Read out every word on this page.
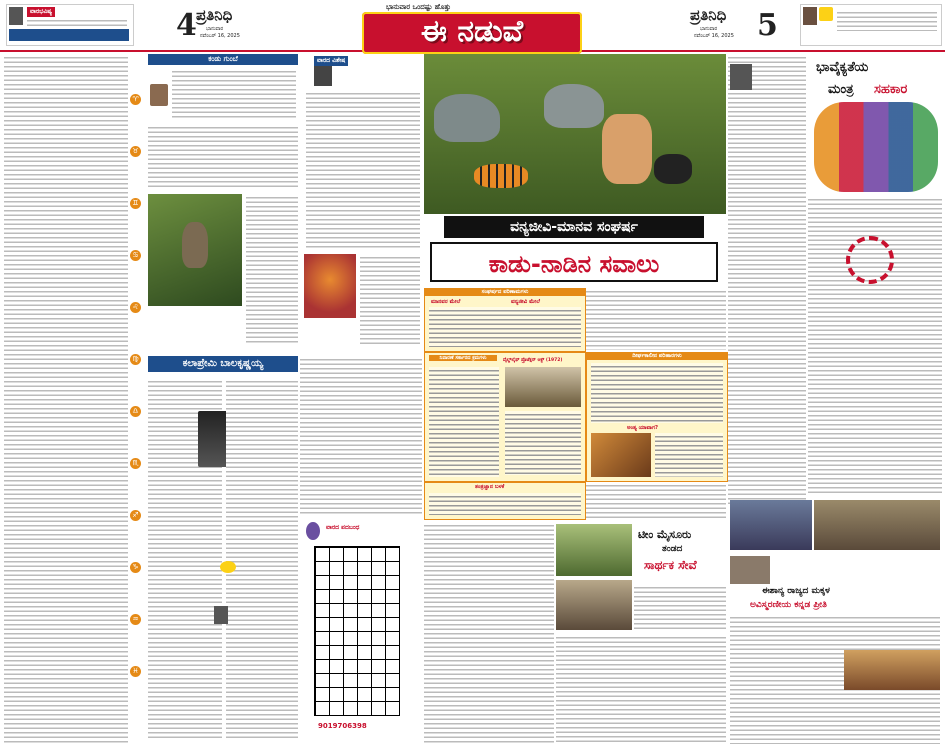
ವಾರಭವಿಷ್ಯ	4 ಪ್ರತಿನಿಧಿ
ಭಾನುವಾರ
ನವೆಂಬರ್ 16, 2025
ಭಾನುವಾರ ಒಂದಷ್ಟು ಹೊತ್ತು
ಈ ನಡುವೆ	ಪ್ರತಿನಿಧಿ 5
ಭಾನುವಾರ
ನವೆಂಬರ್ 16, 2025
♈
♉
♊
♋
♌
♍
♎
♏
♐
♑
♒
♓
ಕಂಡು ಗುಂಬೆ	ವಾರದ ವಿಶೇಷ
ಕಲಾಪ್ರೇಮಿ ಬಾಲಕೃಷ್ಣಯ್ಯ
ವಾರದ ಪದಬಂಧ
9019706398
ವನ್ಯಜೀವಿ-ಮಾನವ ಸಂಘರ್ಷ
ಕಾಡು-ನಾಡಿನ ಸವಾಲು
ಸಂಘರ್ಷದ ಪರಿಣಾಮಗಳು
ಮಾನವರ ಮೇಲೆ	ವನ್ಯಜೀವಿ ಮೇಲೆ
ನಿವಾರಣೆ ಸರ್ಕಾರದ ಕ್ರಮಗಳು	ವೈಲ್ಡ್‌ಲೈಫ್ ಪ್ರೊಟೆಕ್ಷನ್ ಆಕ್ಟ್ (1972)
ದೀರ್ಘಕಾಲೀನ ಪರಿಹಾರಗಳು
ಅಂತ್ಯ ಯಾವಾಗ?
ತಂತ್ರಜ್ಞಾನ ಬಳಕೆ
ಟೀಂ ಮೈಸೂರು
ತಂಡದ
ಸಾರ್ಥಕ ಸೇವೆ
ಭಾವೈಕ್ಯತೆಯ
ಮಂತ್ರ ಸಹಕಾರ
ಈಶಾನ್ಯ ರಾಜ್ಯದ ಮಕ್ಕಳ
ಅವಿಸ್ಮರಣೀಯ ಕನ್ನಡ ಪ್ರೀತಿ
